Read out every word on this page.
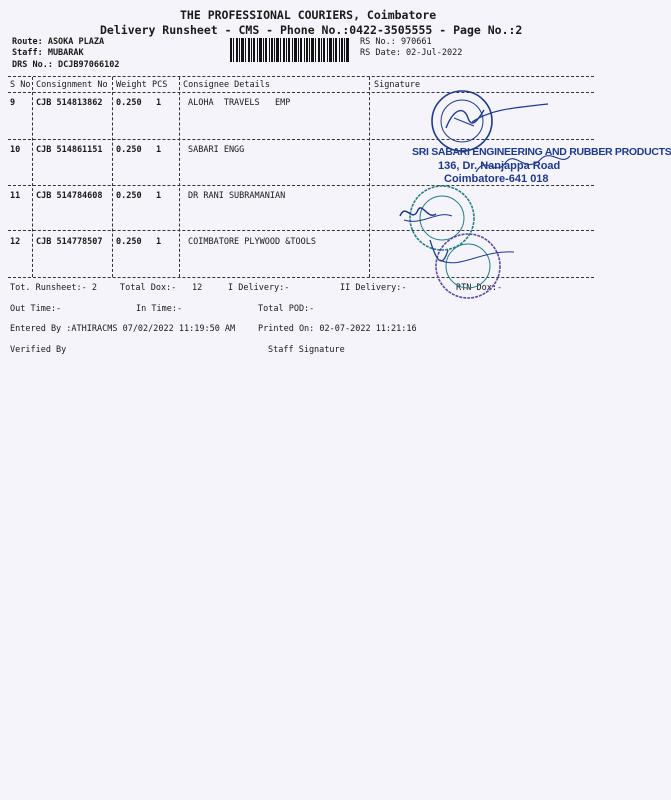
THE PROFESSIONAL COURIERS, Coimbatore
Delivery Runsheet - CMS - Phone No.:0422-3505555 - Page No.:2
Route: ASOKA PLAZA
Staff: MUBARAK
DRS No.: DCJB97066102
RS No.: 970661
RS Date: 02-Jul-2022
S No Consignment No Weight PCS Consignee Details	Signature
9 CJB 514813862 0.250 1	ALOHA  TRAVELS   EMP
10 CJB 514861151 0.250 1	SABARI ENGG
11 CJB 514784608 0.250 1	DR RANI SUBRAMANIAN
12 CJB 514778507 0.250 1	COIMBATORE PLYWOOD &TOOLS
Tot. Runsheet:- 2	Total Dox:- 12	I Delivery:-	II Delivery:-	RTN Dox:-
Out Time:-	In Time:-	Total POD:-
Entered By :ATHIRACMS 07/02/2022 11:19:50 AM	Printed On: 02-07-2022 11:21:16
Verified By	Staff Signature
SRI SABARI ENGINEERING AND RUBBER PRODUCTS
136, Dr. Nanjappa Road
Coimbatore-641 018
